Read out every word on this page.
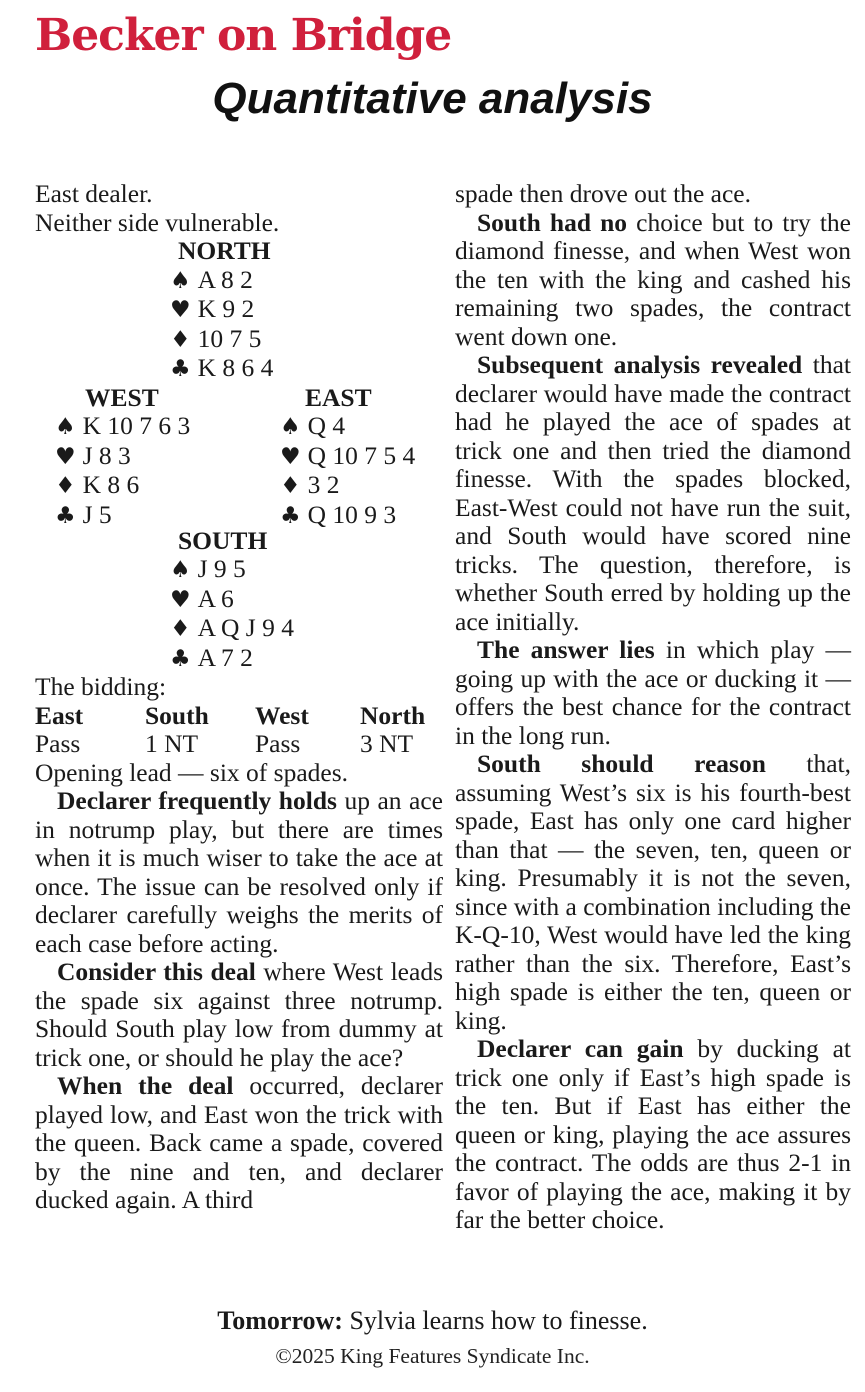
Becker on Bridge
Quantitative analysis
East dealer.
Neither side vulnerable.
NORTH
♠ A 8 2
♥ K 9 2
♦ 10 7 5
♣ K 8 6 4
WEST
♠ K 10 7 6 3
♥ J 8 3
♦ K 8 6
♣ J 5
EAST
♠ Q 4
♥ Q 10 7 5 4
♦ 3 2
♣ Q 10 9 3
SOUTH
♠ J 9 5
♥ A 6
♦ A Q J 9 4
♣ A 7 2
The bidding:
East	South	West	North
Pass	1 NT	Pass	3 NT
Opening lead — six of spades.

Declarer frequently holds up an ace in notrump play, but there are times when it is much wiser to take the ace at once. The issue can be resolved only if declarer carefully weighs the merits of each case before acting.

Consider this deal where West leads the spade six against three notrump. Should South play low from dummy at trick one, or should he play the ace?

When the deal occurred, declarer played low, and East won the trick with the queen. Back came a spade, covered by the nine and ten, and declarer ducked again. A third

spade then drove out the ace.

South had no choice but to try the diamond finesse, and when West won the ten with the king and cashed his remaining two spades, the contract went down one.

Subsequent analysis revealed that declarer would have made the contract had he played the ace of spades at trick one and then tried the diamond finesse. With the spades blocked, East-West could not have run the suit, and South would have scored nine tricks. The question, therefore, is whether South erred by holding up the ace initially.

The answer lies in which play — going up with the ace or ducking it — offers the best chance for the contract in the long run.

South should reason that, assuming West’s six is his fourth-best spade, East has only one card higher than that — the seven, ten, queen or king. Presumably it is not the seven, since with a combination including the K-Q-10, West would have led the king rather than the six. Therefore, East’s high spade is either the ten, queen or king.

Declarer can gain by ducking at trick one only if East’s high spade is the ten. But if East has either the queen or king, playing the ace assures the contract. The odds are thus 2-1 in favor of playing the ace, making it by far the better choice.

Tomorrow: Sylvia learns how to finesse.
©2025 King Features Syndicate Inc.
